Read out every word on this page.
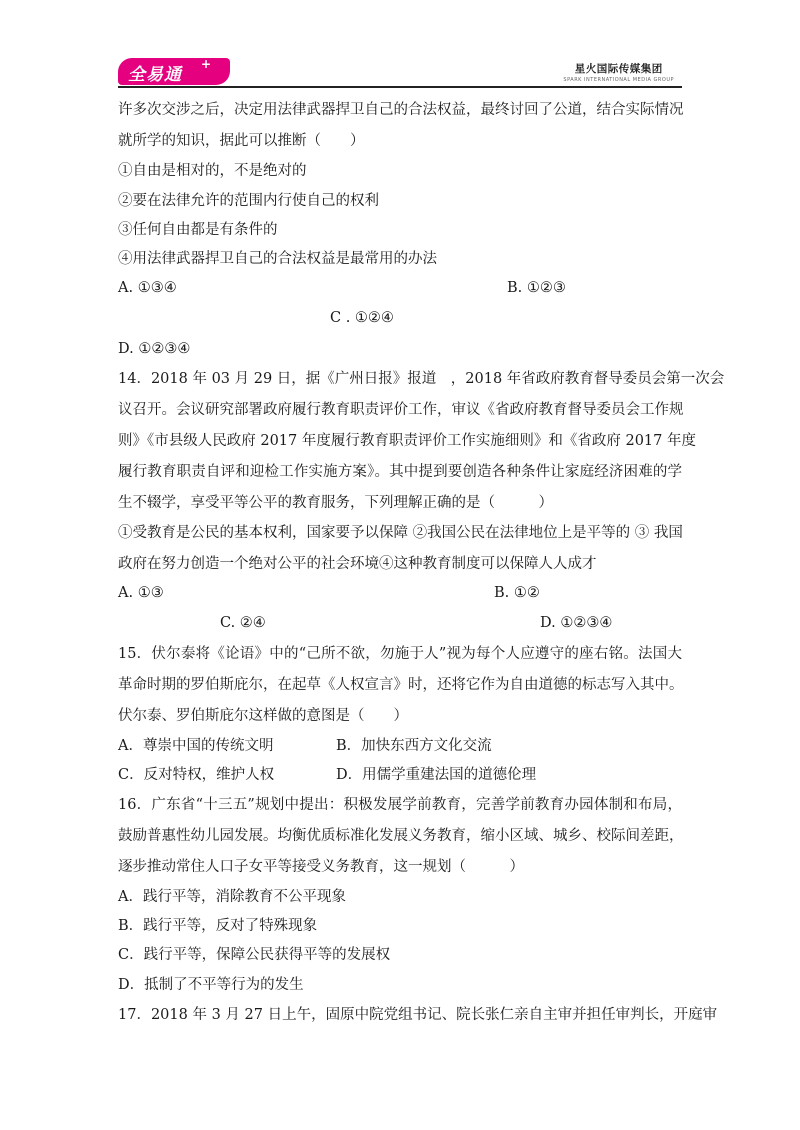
全易通
+	星火国际传媒集团
SPARK INTERNATIONAL MEDIA GROUP
许多次交涉之后，决定用法律武器捍卫自己的合法权益，最终讨回了公道，结合实际情况
就所学的知识，据此可以推断（　　）
①自由是相对的，不是绝对的
②要在法律允许的范围内行使自己的权利
③任何自由都是有条件的
④用法律武器捍卫自己的合法权益是最常用的办法
A. ①③④	B. ①②③
C . ①②④
D. ①②③④
14．2018 年 03 月 29 日，据《广州日报》报道　，2018 年省政府教育督导委员会第一次会
议召开。会议研究部署政府履行教育职责评价工作，审议《省政府教育督导委员会工作规
则》《市县级人民政府 2017 年度履行教育职责评价工作实施细则》和《省政府 2017 年度
履行教育职责自评和迎检工作实施方案》。其中提到要创造各种条件让家庭经济困难的学
生不辍学，享受平等公平的教育服务，下列理解正确的是（　　　）
①受教育是公民的基本权利，国家要予以保障 ②我国公民在法律地位上是平等的 ③ 我国
政府在努力创造一个绝对公平的社会环境④这种教育制度可以保障人人成才
A. ①③	B. ①②
C. ②④	D. ①②③④
15．伏尔泰将《论语》中的“己所不欲，勿施于人”视为每个人应遵守的座右铭。法国大
革命时期的罗伯斯庇尔，在起草《人权宣言》时，还将它作为自由道德的标志写入其中。
伏尔泰、罗伯斯庇尔这样做的意图是（　　）
A．尊崇中国的传统文明	B．加快东西方文化交流
C．反对特权，维护人权	D．用儒学重建法国的道德伦理
16．广东省“十三五”规划中提出：积极发展学前教育，完善学前教育办园体制和布局，
鼓励普惠性幼儿园发展。均衡优质标准化发展义务教育，缩小区域、城乡、校际间差距，
逐步推动常住人口子女平等接受义务教育，这一规划（　　　）
A．践行平等，消除教育不公平现象
B．践行平等，反对了特殊现象
C．践行平等，保障公民获得平等的发展权
D．抵制了不平等行为的发生
17．2018 年 3 月 27 日上午，固原中院党组书记、院长张仁亲自主审并担任审判长，开庭审
